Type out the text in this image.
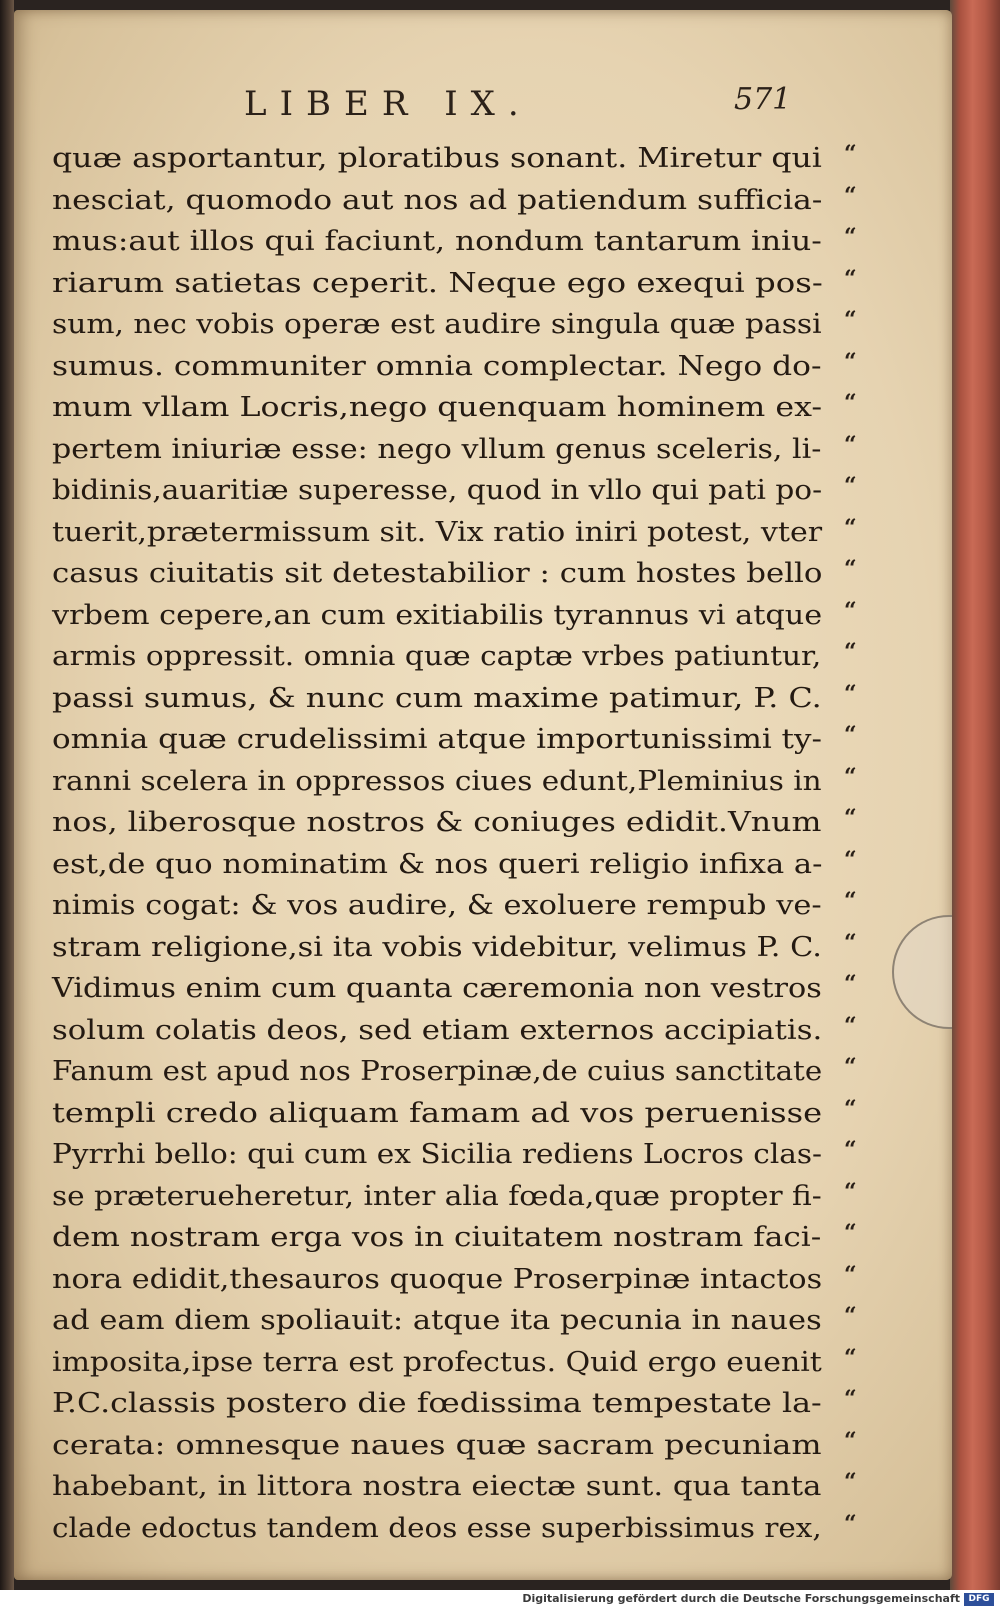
LIBER IX.	571
quæ asportantur, ploratibus sonant. Miretur qui “
nesciat, quomodo aut nos ad patiendum sufficia- “
mus:aut illos qui faciunt, nondum tantarum iniu- “
riarum satietas ceperit. Neque ego exequi pos- “
sum, nec vobis operæ est audire singula quæ passi “
sumus. communiter omnia complectar. Nego do- “
mum vllam Locris,nego quenquam hominem ex- “
pertem iniuriæ esse: nego vllum genus sceleris, li- “
bidinis,auaritiæ superesse, quod in vllo qui pati po- “
tuerit,prætermissum sit. Vix ratio iniri potest, vter “
casus ciuitatis sit detestabilior : cum hostes bello “
vrbem cepere,an cum exitiabilis tyrannus vi atque “
armis oppressit. omnia quæ captæ vrbes patiuntur, “
passi sumus, & nunc cum maxime patimur, P. C. “
omnia quæ crudelissimi atque importunissimi ty- “
ranni scelera in oppressos ciues edunt,Pleminius in “
nos, liberosque nostros & coniuges edidit.Vnum “
est,de quo nominatim & nos queri religio infixa a- “
nimis cogat: & vos audire, & exoluere rempub ve- “
stram religione,si ita vobis videbitur, velimus P. C. “
Vidimus enim cum quanta cæremonia non vestros “
solum colatis deos, sed etiam externos accipiatis. “
Fanum est apud nos Proserpinæ,de cuius sanctitate “
templi credo aliquam famam ad vos peruenisse “
Pyrrhi bello: qui cum ex Sicilia rediens Locros clas- “
se præterueheretur, inter alia fœda,quæ propter fi- “
dem nostram erga vos in ciuitatem nostram faci- “
nora edidit,thesauros quoque Proserpinæ intactos “
ad eam diem spoliauit: atque ita pecunia in naues “
imposita,ipse terra est profectus. Quid ergo euenit “
P.C.classis postero die fœdissima tempestate la- “
cerata: omnesque naues quæ sacram pecuniam “
habebant, in littora nostra eiectæ sunt. qua tanta “
clade edoctus tandem deos esse superbissimus rex, “
Digitalisierung gefördert durch die Deutsche Forschungsgemeinschaft DFG
